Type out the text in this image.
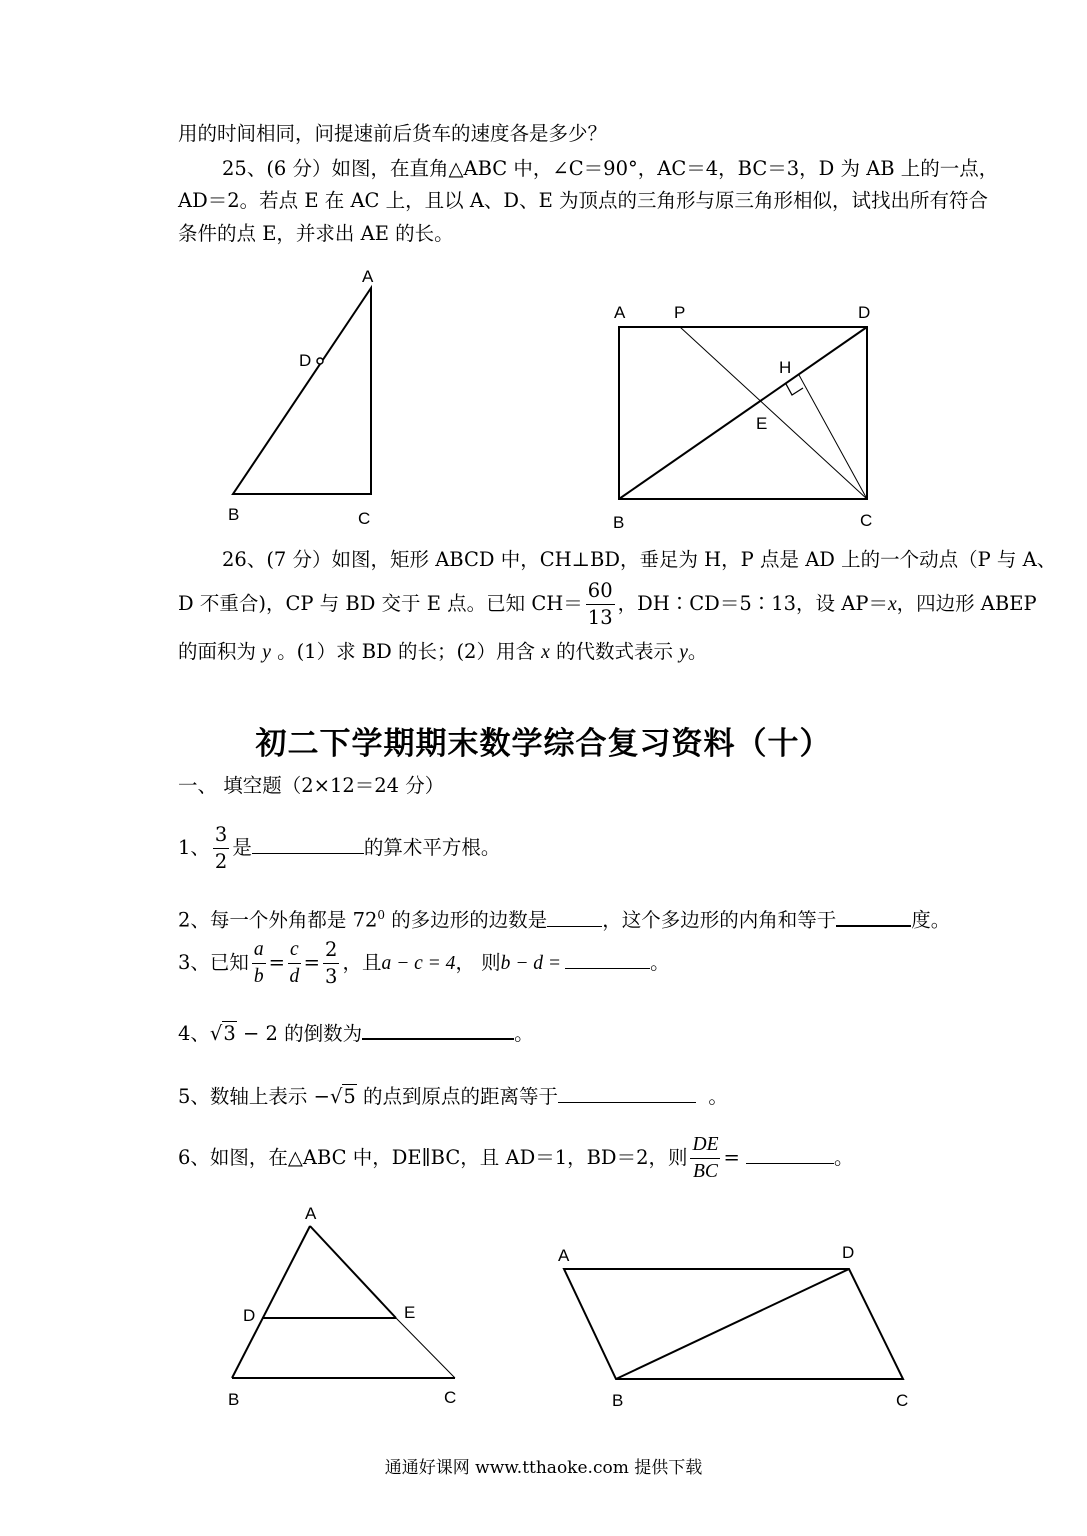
用的时间相同，问提速前后货车的速度各是多少？
25、(6 分）如图，在直角△ABC 中，∠C＝90°，AC＝4，BC＝3，D 为 AB 上的一点，
AD＝2。若点 E 在 AC 上，且以 A、D、E 为顶点的三角形与原三角形相似，试找出所有符合
条件的点 E，并求出 AE 的长。
A
D
B	C
A	P	D
H
E
B	C
26、(7 分）如图，矩形 ABCD 中，CH⊥BD，垂足为 H，P 点是 AD 上的一个动点（P 与 A、
D 不重合)，CP 与 BD 交于 E 点。已知 $CH= \frac{60}{13}$ ，DH∶CD＝5∶13，设 AP＝x，四边形 ABEP
的面积为 y 。(1）求 BD 的长；(2）用含 x 的代数式表示 y。
初二下学期期末数学综合复习资料（十）
一、 填空题（2×12＝24 分）
1、 $\frac{3}{2}$ 是	的算术平方根。
2、每一个外角都是 $72^0$ 的多边形的边数是	，这个多边形的内角和等于	度。
3、已知 $\frac{a}{b} = \frac{c}{d} = \frac{2}{3}$ ，且a − c = 4， 则b − d =	。
4、√3 − 2 的倒数为	。
5、数轴上表示 −√5 的点到原点的距离等于	。
6、如图，在△ABC 中，DE∥BC，且 AD＝1，BD＝2，则 $\frac{DE}{BC}$ =	。
A
D	E
B	C
A	D
B	C
通通好课网 www.tthaoke.com 提供下载
